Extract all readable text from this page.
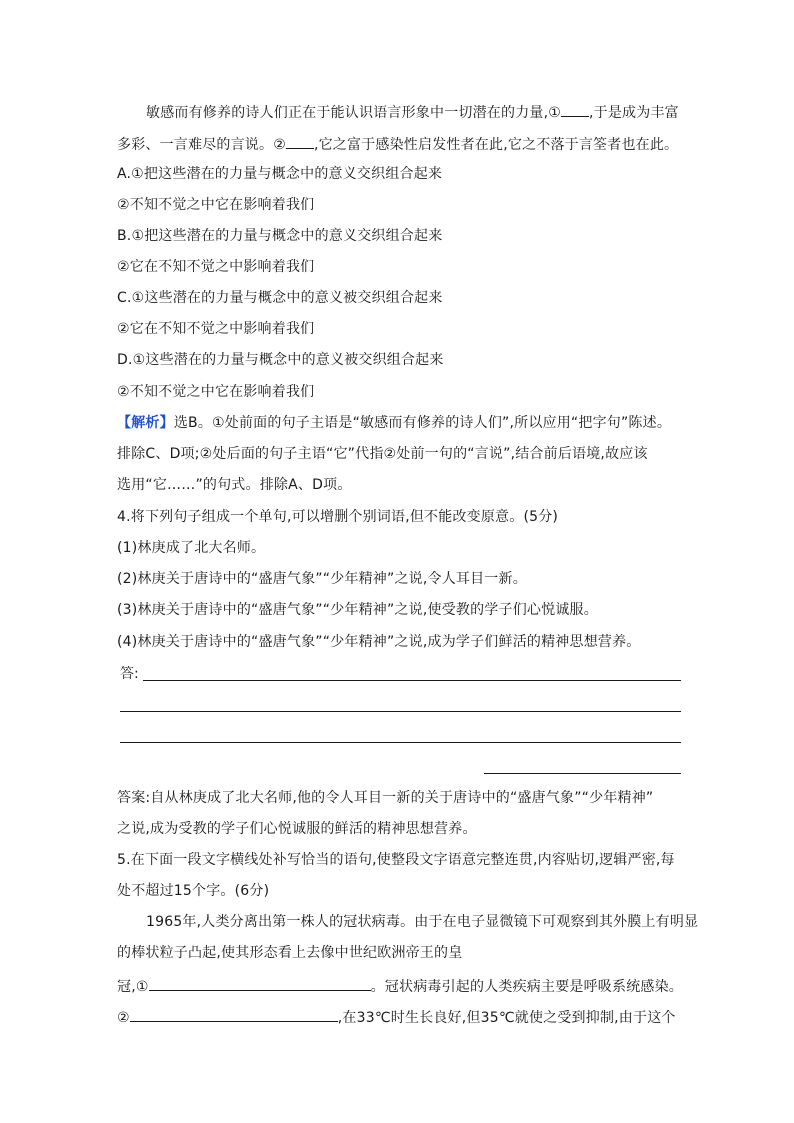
敏感而有修养的诗人们正在于能认识语言形象中一切潜在的力量,① ,于是成为丰富
多彩、一言难尽的言说。② ,它之富于感染性启发性者在此,它之不落于言筌者也在此。
A.①把这些潜在的力量与概念中的意义交织组合起来
②不知不觉之中它在影响着我们
B.①把这些潜在的力量与概念中的意义交织组合起来
②它在不知不觉之中影响着我们
C.①这些潜在的力量与概念中的意义被交织组合起来
②它在不知不觉之中影响着我们
D.①这些潜在的力量与概念中的意义被交织组合起来
②不知不觉之中它在影响着我们
【解析】选B。①处前面的句子主语是“敏感而有修养的诗人们”,所以应用“把字句”陈述。
排除C、D项;②处后面的句子主语“它”代指②处前一句的“言说”,结合前后语境,故应该
选用“它……”的句式。排除A、D项。
4.将下列句子组成一个单句,可以增删个别词语,但不能改变原意。(5分)
(1)林庚成了北大名师。
(2)林庚关于唐诗中的“盛唐气象”“少年精神”之说,令人耳目一新。
(3)林庚关于唐诗中的“盛唐气象”“少年精神”之说,使受教的学子们心悦诚服。
(4)林庚关于唐诗中的“盛唐气象”“少年精神”之说,成为学子们鲜活的精神思想营养。
答:
答案:自从林庚成了北大名师,他的令人耳目一新的关于唐诗中的“盛唐气象”“少年精神”
之说,成为受教的学子们心悦诚服的鲜活的精神思想营养。
5.在下面一段文字横线处补写恰当的语句,使整段文字语意完整连贯,内容贴切,逻辑严密,每
处不超过15个字。(6分)
1965年,人类分离出第一株人的冠状病毒。由于在电子显微镜下可观察到其外膜上有明显
的棒状粒子凸起,使其形态看上去像中世纪欧洲帝王的皇
冠,①	。冠状病毒引起的人类疾病主要是呼吸系统感染。
②	,在33℃时生长良好,但35℃就使之受到抑制,由于这个
